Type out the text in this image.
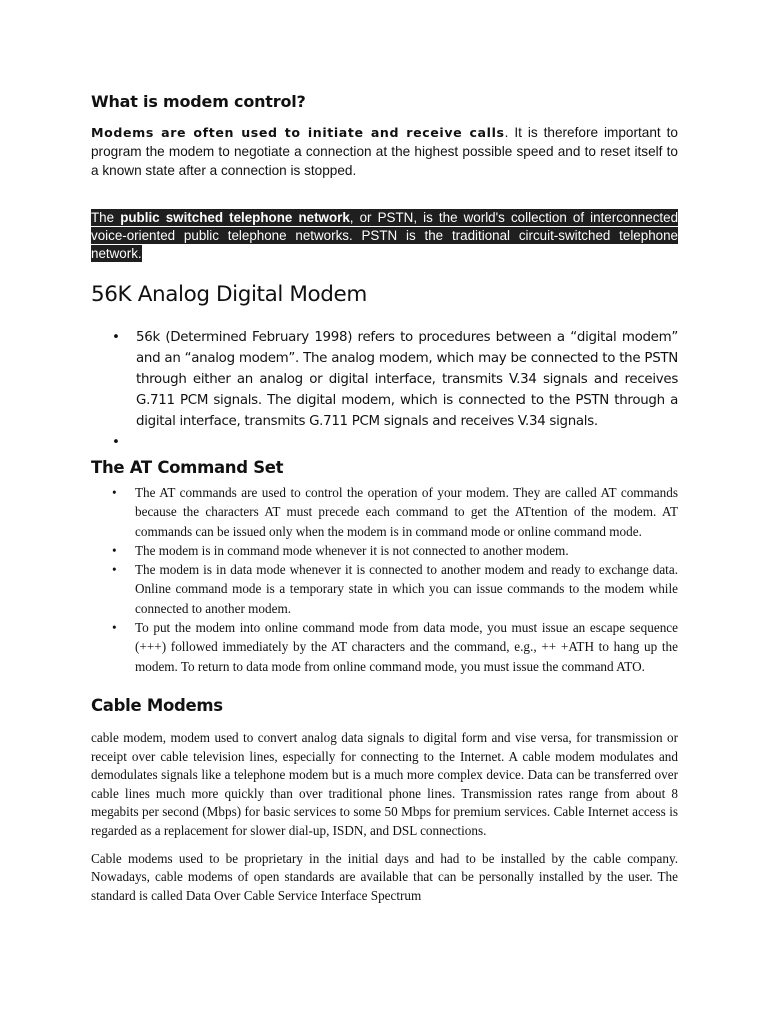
What is modem control?

Modems are often used to initiate and receive calls. It is therefore important to program the modem to negotiate a connection at the highest possible speed and to reset itself to a known state after a connection is stopped.

The public switched telephone network, or PSTN, is the world's collection of interconnected voice-oriented public telephone networks. PSTN is the traditional circuit-switched telephone network.

56K Analog Digital Modem
• 56k (Determined February 1998) refers to procedures between a “digital modem” and an “analog modem”. The analog modem, which may be connected to the PSTN through either an analog or digital interface, transmits V.34 signals and receives G.711 PCM signals. The digital modem, which is connected to the PSTN through a digital interface, transmits G.711 PCM signals and receives V.34 signals.
•
The AT Command Set
• The AT commands are used to control the operation of your modem. They are called AT commands because the characters AT must precede each command to get the ATtention of the modem. AT commands can be issued only when the modem is in command mode or online command mode.
• The modem is in command mode whenever it is not connected to another modem.
• The modem is in data mode whenever it is connected to another modem and ready to exchange data. Online command mode is a temporary state in which you can issue commands to the modem while connected to another modem.
• To put the modem into online command mode from data mode, you must issue an escape sequence (+++) followed immediately by the AT characters and the command, e.g., ++ +ATH to hang up the modem. To return to data mode from online command mode, you must issue the command ATO.
Cable Modems

cable modem, modem used to convert analog data signals to digital form and vise versa, for transmission or receipt over cable television lines, especially for connecting to the Internet. A cable modem modulates and demodulates signals like a telephone modem but is a much more complex device. Data can be transferred over cable lines much more quickly than over traditional phone lines. Transmission rates range from about 8 megabits per second (Mbps) for basic services to some 50 Mbps for premium services. Cable Internet access is regarded as a replacement for slower dial-up, ISDN, and DSL connections.

Cable modems used to be proprietary in the initial days and had to be installed by the cable company. Nowadays, cable modems of open standards are available that can be personally installed by the user. The standard is called Data Over Cable Service Interface Spectrum
